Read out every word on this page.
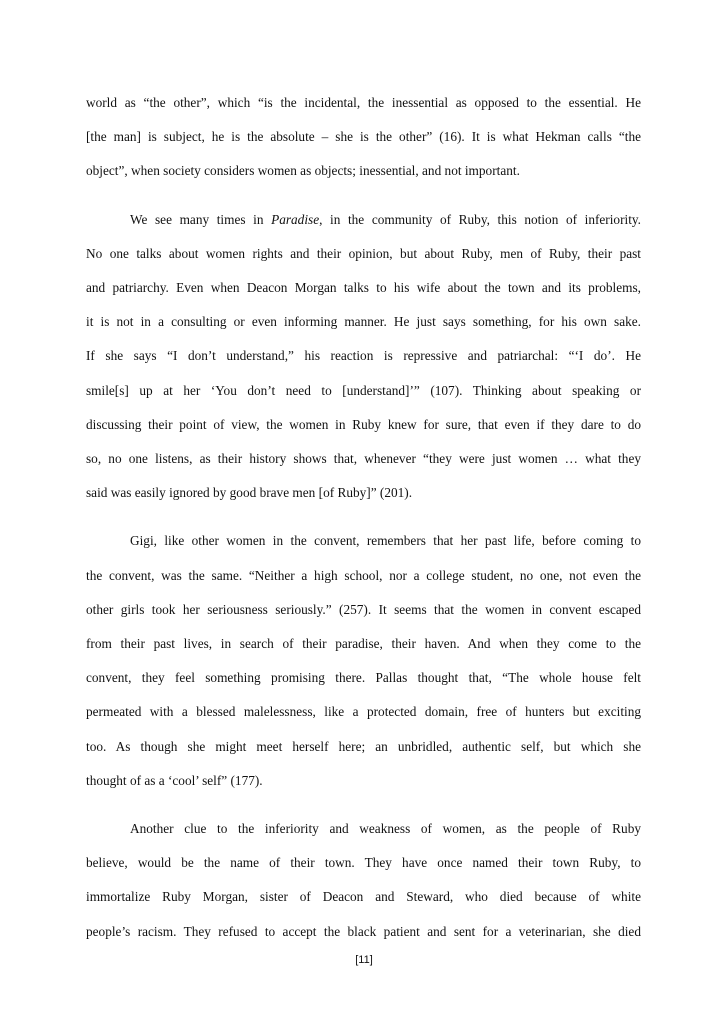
world as “the other”, which “is the incidental, the inessential as opposed to the essential. He
[the man] is subject, he is the absolute – she is the other” (16). It is what Hekman calls “the
object”, when society considers women as objects; inessential, and not important.
We see many times in Paradise, in the community of Ruby, this notion of inferiority.
No one talks about women rights and their opinion, but about Ruby, men of Ruby, their past
and patriarchy. Even when Deacon Morgan talks to his wife about the town and its problems,
it is not in a consulting or even informing manner. He just says something, for his own sake.
If she says “I don’t understand,” his reaction is repressive and patriarchal: “‘I do’. He
smile[s] up at her ‘You don’t need to [understand]’” (107). Thinking about speaking or
discussing their point of view, the women in Ruby knew for sure, that even if they dare to do
so, no one listens, as their history shows that, whenever “they were just women … what they
said was easily ignored by good brave men [of Ruby]” (201).
Gigi, like other women in the convent, remembers that her past life, before coming to
the convent, was the same. “Neither a high school, nor a college student, no one, not even the
other girls took her seriousness seriously.” (257). It seems that the women in convent escaped
from their past lives, in search of their paradise, their haven. And when they come to the
convent, they feel something promising there. Pallas thought that, “The whole house felt
permeated with a blessed malelessness, like a protected domain, free of hunters but exciting
too. As though she might meet herself here; an unbridled, authentic self, but which she
thought of as a ‘cool’ self” (177).
Another clue to the inferiority and weakness of women, as the people of Ruby
believe, would be the name of their town. They have once named their town Ruby, to
immortalize Ruby Morgan, sister of Deacon and Steward, who died because of white
people’s racism. They refused to accept the black patient and sent for a veterinarian, she died
[11]
